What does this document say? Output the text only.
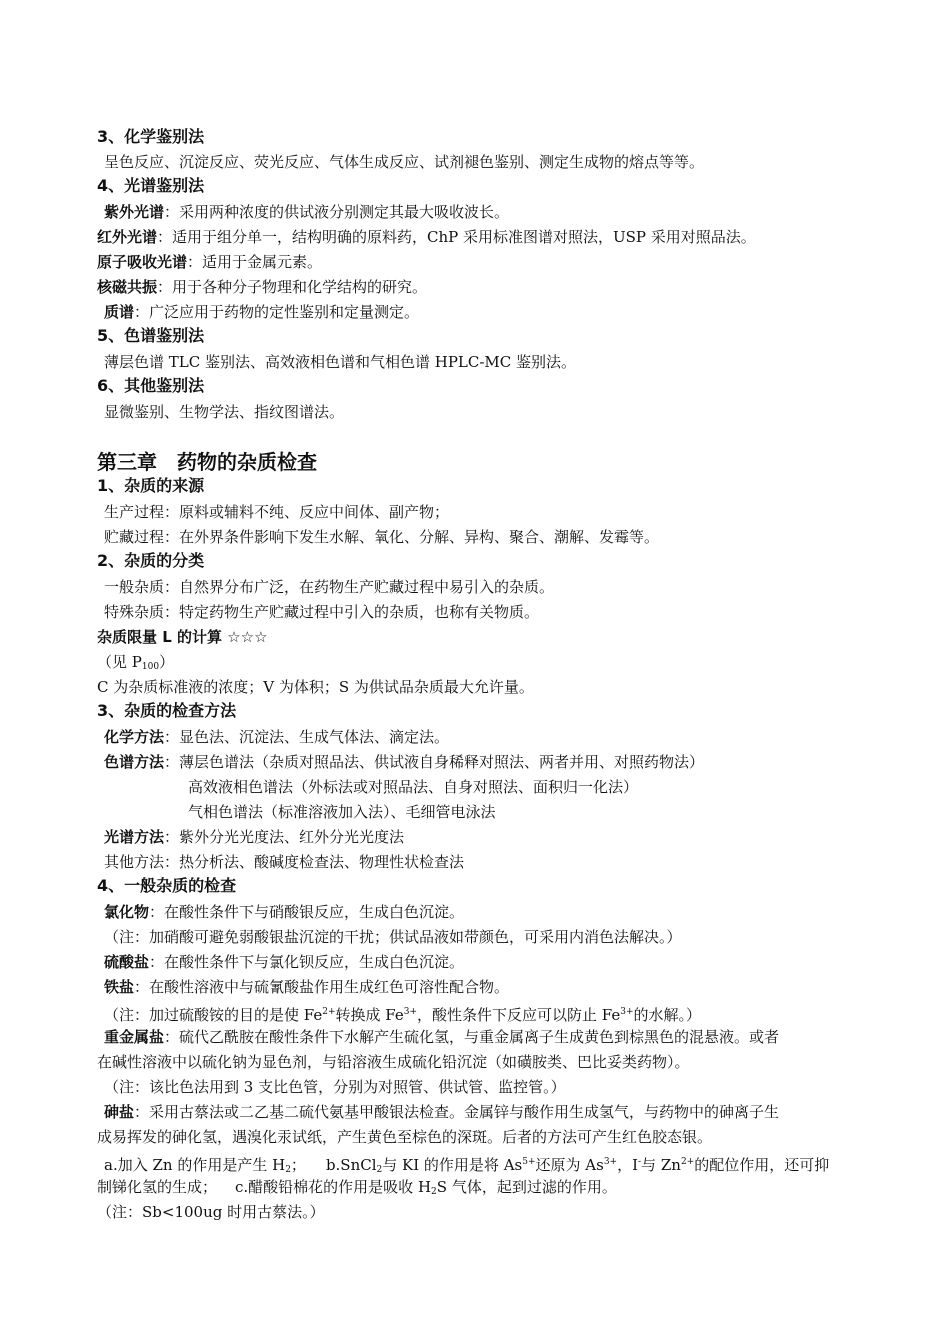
3、化学鉴别法
呈色反应、沉淀反应、荧光反应、气体生成反应、试剂褪色鉴别、测定生成物的熔点等等。
4、光谱鉴别法
紫外光谱：采用两种浓度的供试液分别测定其最大吸收波长。
红外光谱：适用于组分单一，结构明确的原料药，ChP 采用标准图谱对照法，USP 采用对照品法。
原子吸收光谱：适用于金属元素。
核磁共振：用于各种分子物理和化学结构的研究。
质谱：广泛应用于药物的定性鉴别和定量测定。
5、色谱鉴别法
薄层色谱 TLC 鉴别法、高效液相色谱和气相色谱 HPLC-MC 鉴别法。
6、其他鉴别法
显微鉴别、生物学法、指纹图谱法。
第三章　药物的杂质检查
1、杂质的来源
生产过程：原料或辅料不纯、反应中间体、副产物；
贮藏过程：在外界条件影响下发生水解、氧化、分解、异构、聚合、潮解、发霉等。
2、杂质的分类
一般杂质：自然界分布广泛，在药物生产贮藏过程中易引入的杂质。
特殊杂质：特定药物生产贮藏过程中引入的杂质，也称有关物质。
杂质限量 L 的计算 ☆☆☆
（见 $P_{100}$）
C 为杂质标准液的浓度；V 为体积；S 为供试品杂质最大允许量。
3、杂质的检查方法
化学方法：显色法、沉淀法、生成气体法、滴定法。
色谱方法：薄层色谱法（杂质对照品法、供试液自身稀释对照法、两者并用、对照药物法）
高效液相色谱法（外标法或对照品法、自身对照法、面积归一化法）
气相色谱法（标准溶液加入法）、毛细管电泳法
光谱方法：紫外分光光度法、红外分光光度法
其他方法：热分析法、酸碱度检查法、物理性状检查法
4、一般杂质的检查
氯化物：在酸性条件下与硝酸银反应，生成白色沉淀。
（注：加硝酸可避免弱酸银盐沉淀的干扰；供试品液如带颜色，可采用内消色法解决。）
硫酸盐：在酸性条件下与氯化钡反应，生成白色沉淀。
铁盐：在酸性溶液中与硫氰酸盐作用生成红色可溶性配合物。
（注：加过硫酸铵的目的是使 $Fe^{2+}$转换成 $Fe^{3+}$，酸性条件下反应可以防止 $Fe^{3+}$的水解。）
重金属盐：硫代乙酰胺在酸性条件下水解产生硫化氢，与重金属离子生成黄色到棕黑色的混悬液。或者
在碱性溶液中以硫化钠为显色剂，与铅溶液生成硫化铅沉淀（如磺胺类、巴比妥类药物）。
（注：该比色法用到 3 支比色管，分别为对照管、供试管、监控管。）
砷盐：采用古蔡法或二乙基二硫代氨基甲酸银法检查。金属锌与酸作用生成氢气，与药物中的砷离子生
成易挥发的砷化氢，遇溴化汞试纸，产生黄色至棕色的深斑。后者的方法可产生红色胶态银。
a.加入 Zn 的作用是产生 $H_2$； b.SnCl$_2$与 KI 的作用是将 $As^{5+}$还原为 $As^{3+}$，I-与 $Zn^{2+}$的配位作用，还可抑
制锑化氢的生成； c.醋酸铅棉花的作用是吸收 $H_2S$ 气体，起到过滤的作用。
（注：Sb<100ug 时用古蔡法。）
